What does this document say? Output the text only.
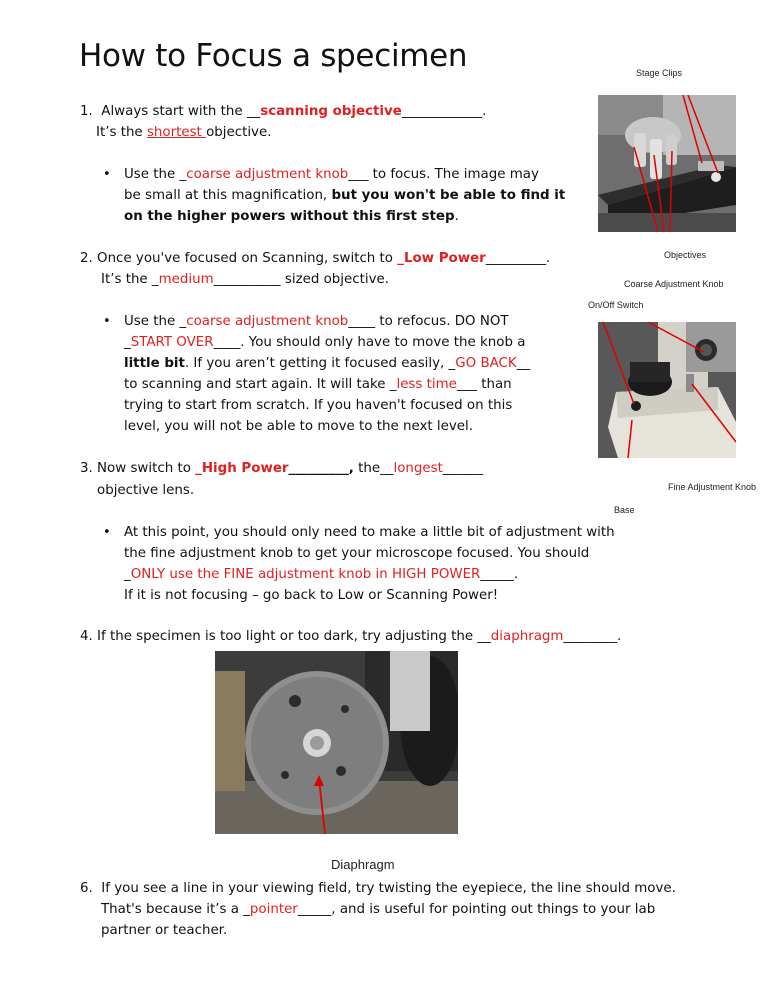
How to Focus a specimen
1. Always start with the __scanning objective____________.
It’s the shortest objective.
• Use the _coarse adjustment knob___ to focus. The image may
be small at this magnification, but you won't be able to find it
on the higher powers without this first step.
2. Once you've focused on Scanning, switch to _Low Power_________.
It’s the _medium__________ sized objective.
• Use the _coarse adjustment knob____ to refocus. DO NOT
_START OVER____. You should only have to move the knob a
little bit. If you aren’t getting it focused easily, _GO BACK__
to scanning and start again. It will take _less time___ than
trying to start from scratch. If you haven't focused on this
level, you will not be able to move to the next level.
3. Now switch to _High Power_________, the__longest______
objective lens.
• At this point, you should only need to make a little bit of adjustment with
the fine adjustment knob to get your microscope focused. You should
_ONLY use the FINE adjustment knob in HIGH POWER_____.
If it is not focusing – go back to Low or Scanning Power!
4. If the specimen is too light or too dark, try adjusting the __diaphragm________.
6. If you see a line in your viewing field, try twisting the eyepiece, the line should move.
That's because it’s a _pointer_____, and is useful for pointing out things to your lab
partner or teacher.
Stage Clips
Objectives
Coarse Adjustment Knob
On/Off Switch
Base
Fine Adjustment Knob
Diaphragm
